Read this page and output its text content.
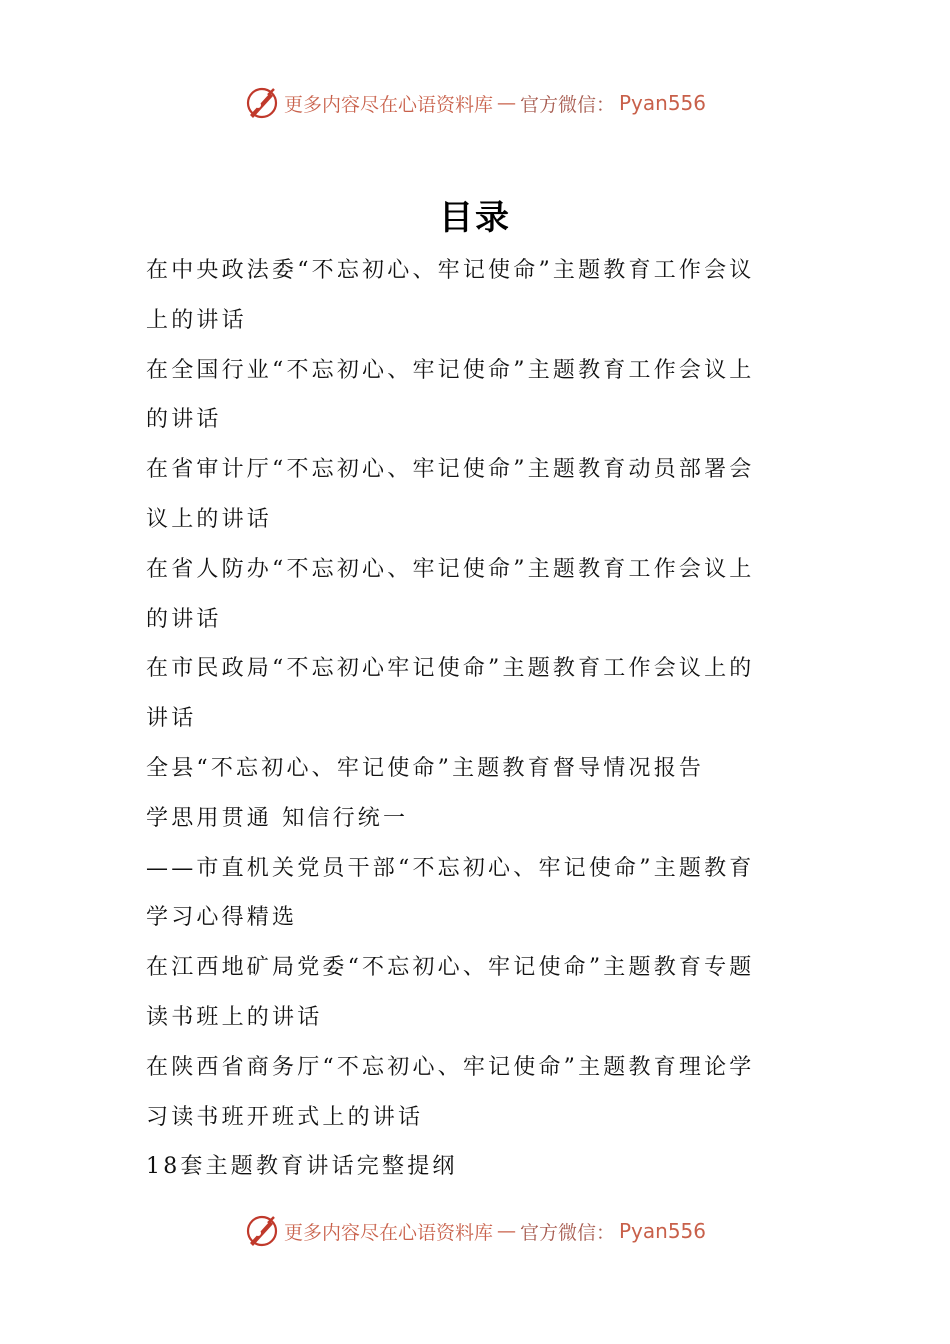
更多内容尽在心语资料库 — 官方微信： Pyan556
目录
在中央政法委“不忘初心、牢记使命”主题教育工作会议
上的讲话
在全国行业“不忘初心、牢记使命”主题教育工作会议上
的讲话
在省审计厅“不忘初心、牢记使命”主题教育动员部署会
议上的讲话
在省人防办“不忘初心、牢记使命”主题教育工作会议上
的讲话
在市民政局“不忘初心牢记使命”主题教育工作会议上的
讲话
全县“不忘初心、牢记使命”主题教育督导情况报告
学思用贯通 知信行统一
——市直机关党员干部“不忘初心、牢记使命”主题教育
学习心得精选
在江西地矿局党委“不忘初心、牢记使命”主题教育专题
读书班上的讲话
在陕西省商务厅“不忘初心、牢记使命”主题教育理论学
习读书班开班式上的讲话
18套主题教育讲话完整提纲
更多内容尽在心语资料库 — 官方微信： Pyan556
